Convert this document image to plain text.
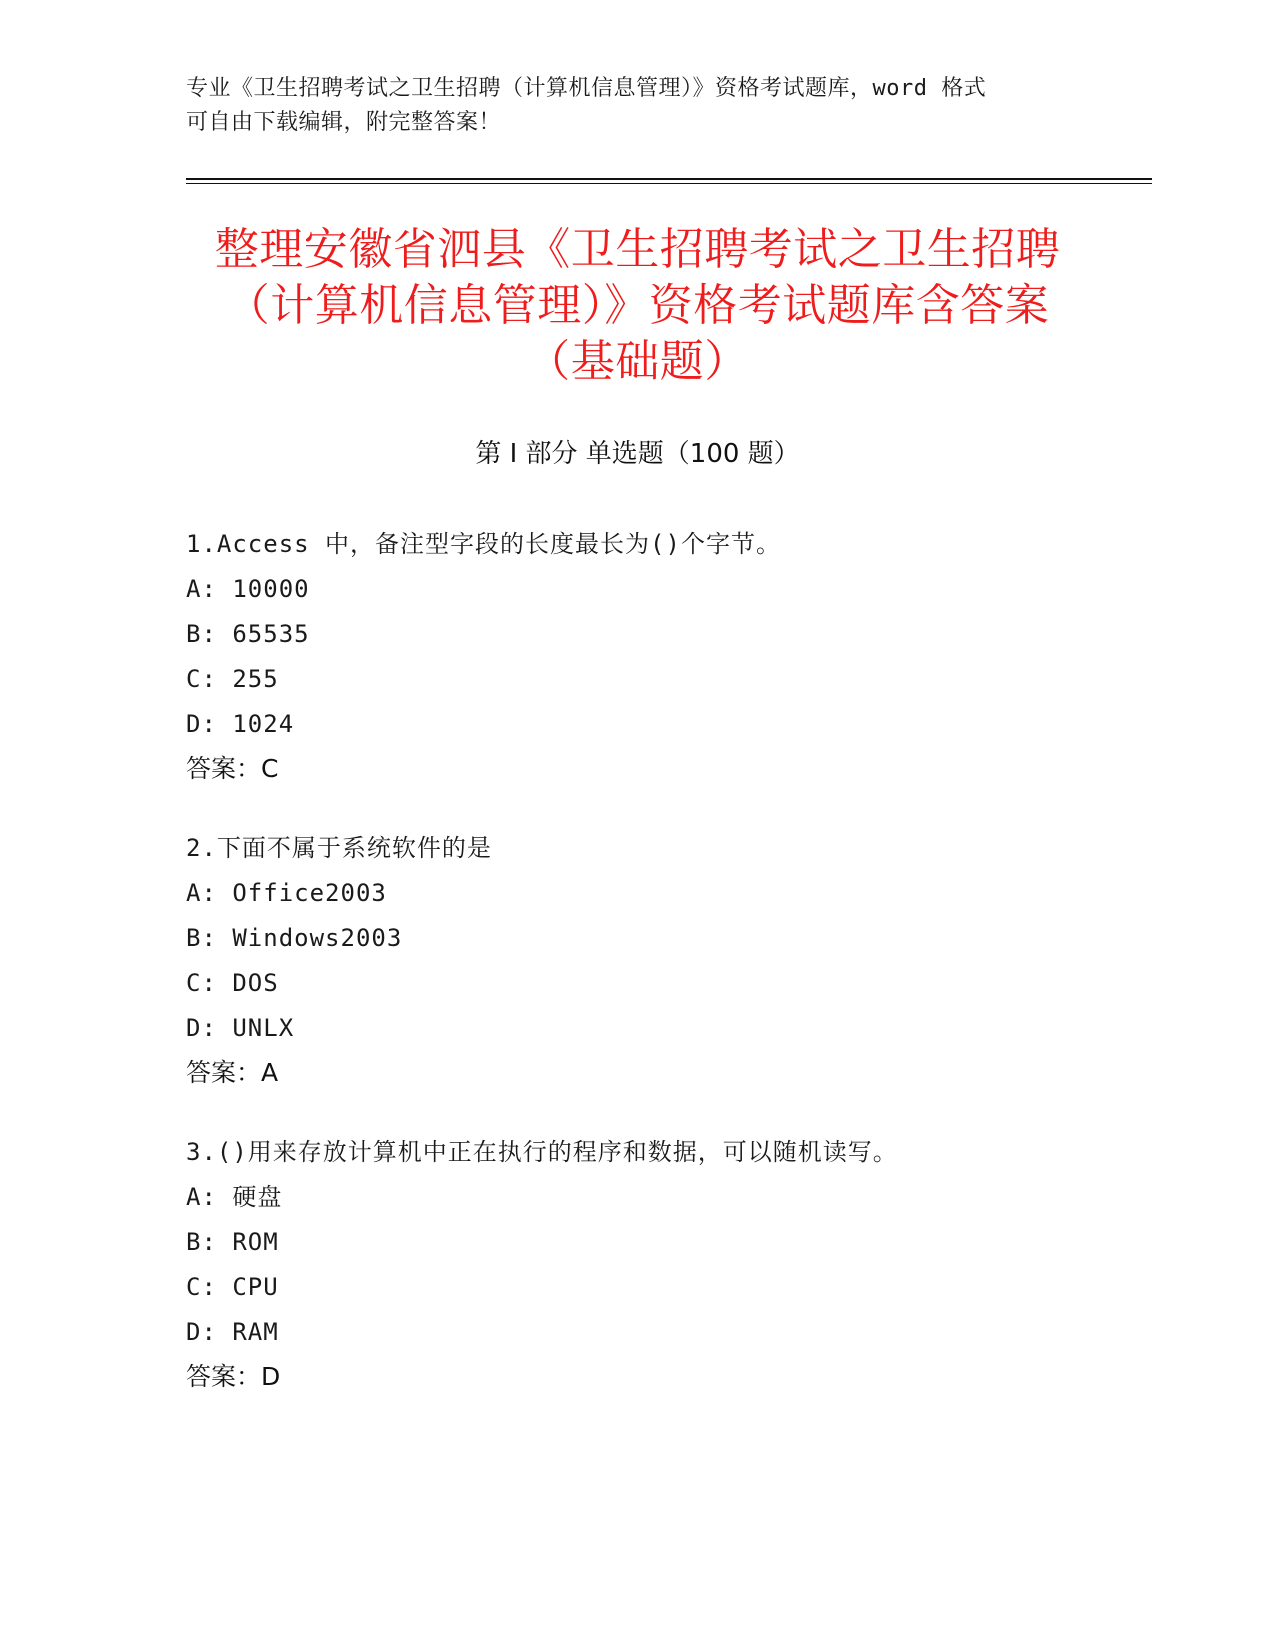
专业《卫生招聘考试之卫生招聘（计算机信息管理）》资格考试题库，word 格式
可自由下载编辑，附完整答案！
整理安徽省泗县《卫生招聘考试之卫生招聘
（计算机信息管理）》资格考试题库含答案
（基础题）
第 I 部分 单选题（100 题）
1.Access 中，备注型字段的长度最长为()个字节。
A: 10000
B: 65535
C: 255
D: 1024
答案：C
2.下面不属于系统软件的是
A: Office2003
B: Windows2003
C: DOS
D: UNLX
答案：A
3.()用来存放计算机中正在执行的程序和数据，可以随机读写。
A: 硬盘
B: ROM
C: CPU
D: RAM
答案：D
